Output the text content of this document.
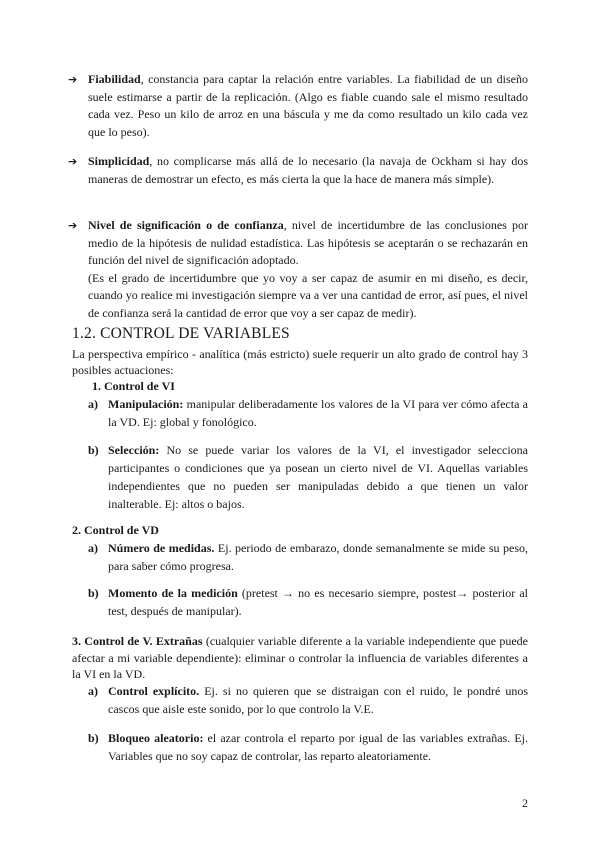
➔ Fiabilidad, constancia para captar la relación entre variables. La fiabilidad de un diseño suele estimarse a partir de la replicación. (Algo es fiable cuando sale el mismo resultado cada vez. Peso un kilo de arroz en una báscula y me da como resultado un kilo cada vez que lo peso).

➔ Simplicidad, no complicarse más allá de lo necesario (la navaja de Ockham si hay dos maneras de demostrar un efecto, es más cierta la que la hace de manera más simple).

➔ Nivel de significación o de confianza, nivel de incertidumbre de las conclusiones por medio de la hipótesis de nulidad estadística. Las hipótesis se aceptarán o se rechazarán en función del nivel de significación adoptado.

(Es el grado de incertidumbre que yo voy a ser capaz de asumir en mi diseño, es decir, cuando yo realice mi investigación siempre va a ver una cantidad de error, así pues, el nivel de confianza será la cantidad de error que voy a ser capaz de medir).

1.2. CONTROL DE VARIABLES

La perspectiva empírico - analítica (más estricto) suele requerir un alto grado de control hay 3 posibles actuaciones:

1. Control de VI

a) Manipulación: manipular deliberadamente los valores de la VI para ver cómo afecta a la VD. Ej: global y fonológico.

b) Selección: No se puede variar los valores de la VI, el investigador selecciona participantes o condiciones que ya posean un cierto nivel de VI. Aquellas variables independientes que no pueden ser manipuladas debido a que tienen un valor inalterable. Ej: altos o bajos.

2. Control de VD

a) Número de medidas. Ej. periodo de embarazo, donde semanalmente se mide su peso, para saber cómo progresa.

b) Momento de la medición (pretest → no es necesario siempre, postest→ posterior al test, después de manipular).

3. Control de V. Extrañas (cualquier variable diferente a la variable independiente que puede afectar a mi variable dependiente): eliminar o controlar la influencia de variables diferentes a la VI en la VD.

a) Control explícito. Ej. si no quieren que se distraigan con el ruido, le pondré unos cascos que aisle este sonido, por lo que controlo la V.E.

b) Bloqueo aleatorio: el azar controla el reparto por igual de las variables extrañas. Ej. Variables que no soy capaz de controlar, las reparto aleatoriamente.

2
